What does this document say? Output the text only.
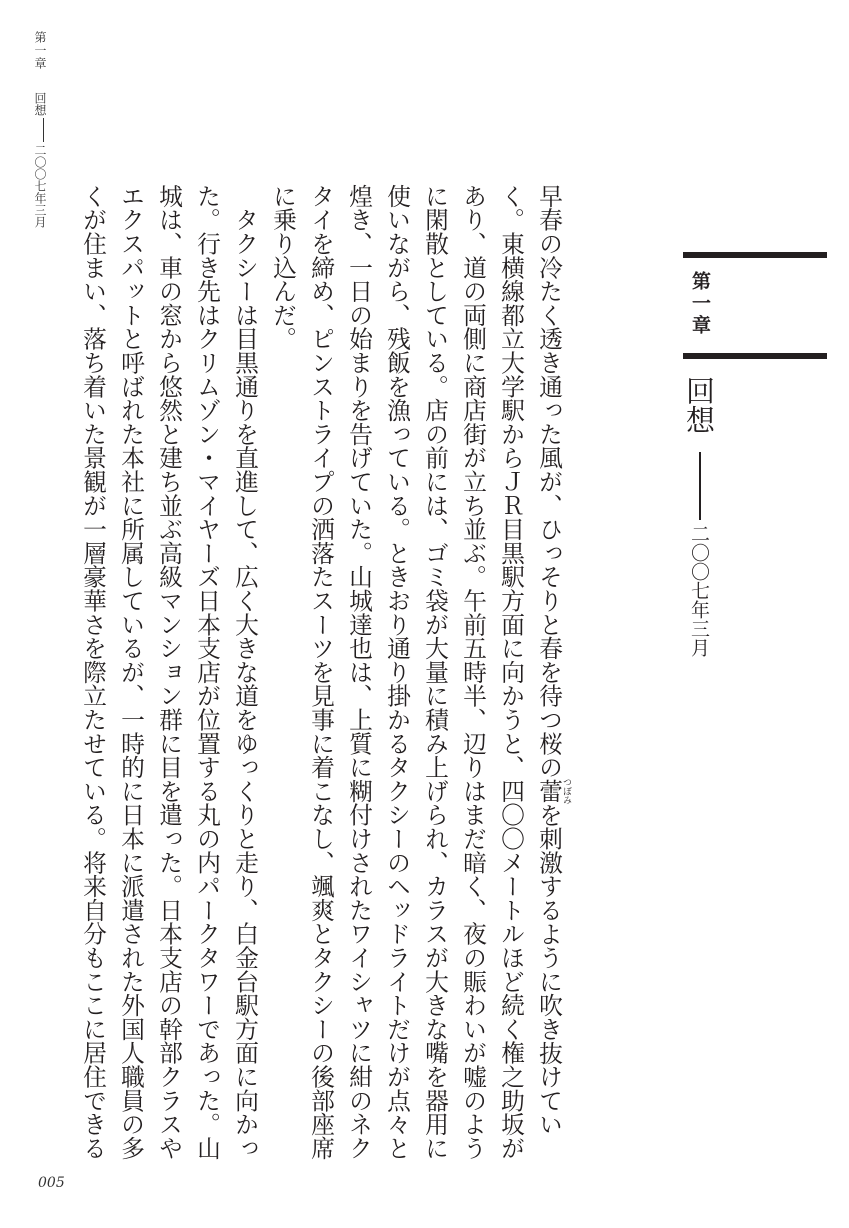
第一章回想二〇〇七年三月
第一章
回想
二〇〇七年三月
早春の冷たく透き通った風が、ひっそりと春を待つ桜の蕾つぼみを刺激するように吹き抜けてい
く。東横線都立大学駅からＪＲ目黒駅方面に向かうと、四〇〇メートルほど続く権之助坂が
あり、道の両側に商店街が立ち並ぶ。午前五時半、辺りはまだ暗く、夜の賑わいが嘘のよう
に閑散としている。店の前には、ゴミ袋が大量に積み上げられ、カラスが大きな嘴を器用に
使いながら、残飯を漁っている。ときおり通り掛かるタクシーのヘッドライトだけが点々と
煌き、一日の始まりを告げていた。山城達也は、上質に糊付けされたワイシャツに紺のネク
タイを締め、ピンストライプの洒落たスーツを見事に着こなし、颯爽とタクシーの後部座席
に乗り込んだ。
　タクシーは目黒通りを直進して、広く大きな道をゆっくりと走り、白金台駅方面に向かっ
た。行き先はクリムゾン・マイヤーズ日本支店が位置する丸の内パークタワーであった。山
城は、車の窓から悠然と建ち並ぶ高級マンション群に目を遣った。日本支店の幹部クラスや
エクスパットと呼ばれた本社に所属しているが、一時的に日本に派遣された外国人職員の多
くが住まい、落ち着いた景観が一層豪華さを際立たせている。将来自分もここに居住できる
005
